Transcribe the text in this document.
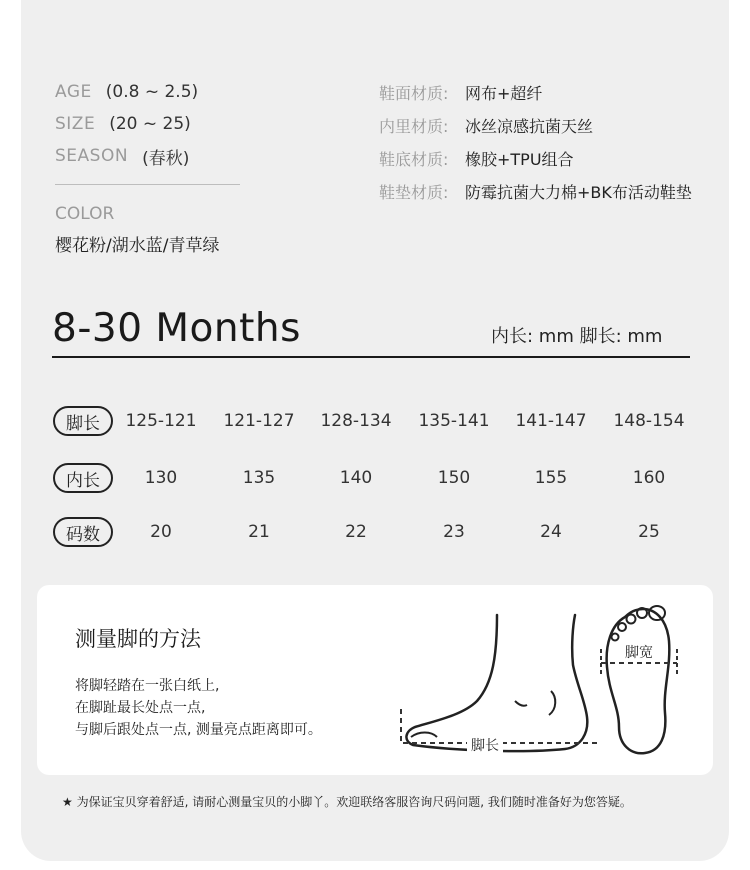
AGE (0.8 ~ 2.5)
SIZE (20 ~ 25)
SEASON (春秋)
COLOR
樱花粉/湖水蓝/青草绿
鞋面材质:	网布+超纤
内里材质:	冰丝凉感抗菌天丝
鞋底材质:	橡胶+TPU组合
鞋垫材质:	防霉抗菌大力棉+BK布活动鞋垫
8-30 Months	内长: mm 脚长: mm
脚长	125-121	121-127	128-134	135-141	141-147	148-154
内长	130	135	140	150	155	160
码数	20	21	22	23	24	25
测量脚的方法
将脚轻踏在一张白纸上,
在脚趾最长处点一点,
与脚后跟处点一点, 测量亮点距离即可。
脚长
脚宽
★ 为保证宝贝穿着舒适, 请耐心测量宝贝的小脚丫。欢迎联络客服咨询尺码问题, 我们随时准备好为您答疑。
